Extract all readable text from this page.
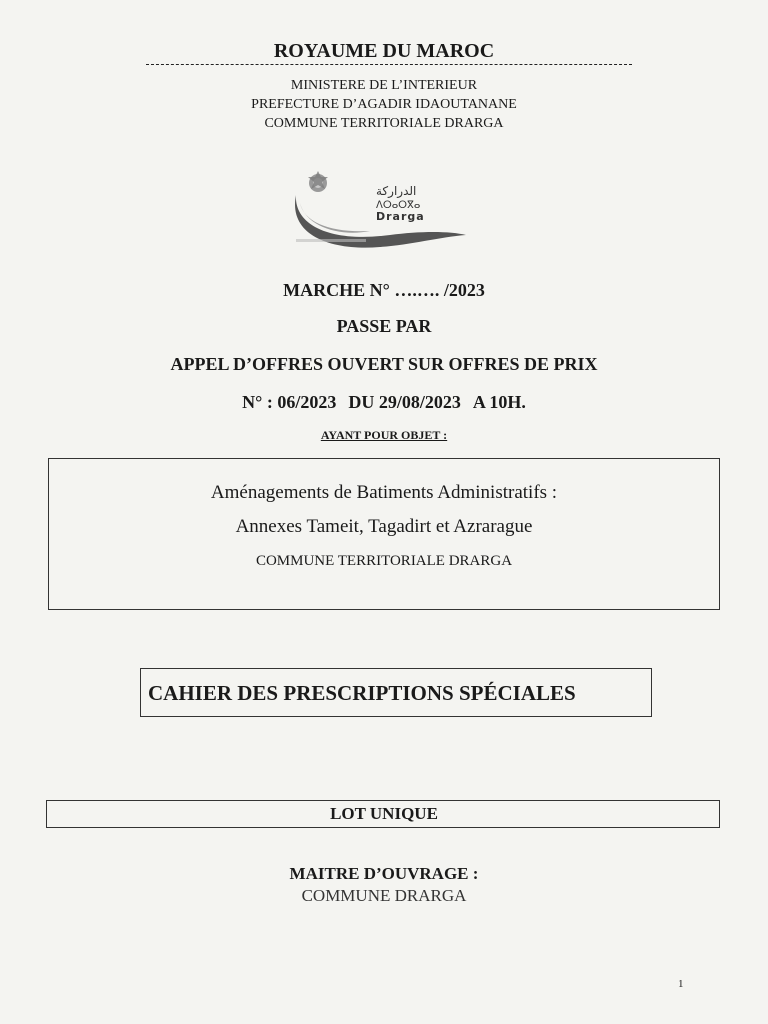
ROYAUME DU MAROC
MINISTERE DE L’INTERIEUR
PREFECTURE D’AGADIR IDAOUTANANE
COMMUNE TERRITORIALE DRARGA
الدراركة
ⴷⵔⴰⵔⴳⴰ
Drarga
MARCHE N° ….…. /2023
PASSE PAR
APPEL D’OFFRES OUVERT SUR OFFRES DE PRIX
N° : 06/2023 DU 29/08/2023 A 10H.
AYANT POUR OBJET :
Aménagements de Batiments Administratifs :
Annexes Tameit, Tagadirt et Azrarague
COMMUNE TERRITORIALE DRARGA
CAHIER DES PRESCRIPTIONS SPÉCIALES
LOT UNIQUE
MAITRE D’OUVRAGE :
COMMUNE DRARGA
1
